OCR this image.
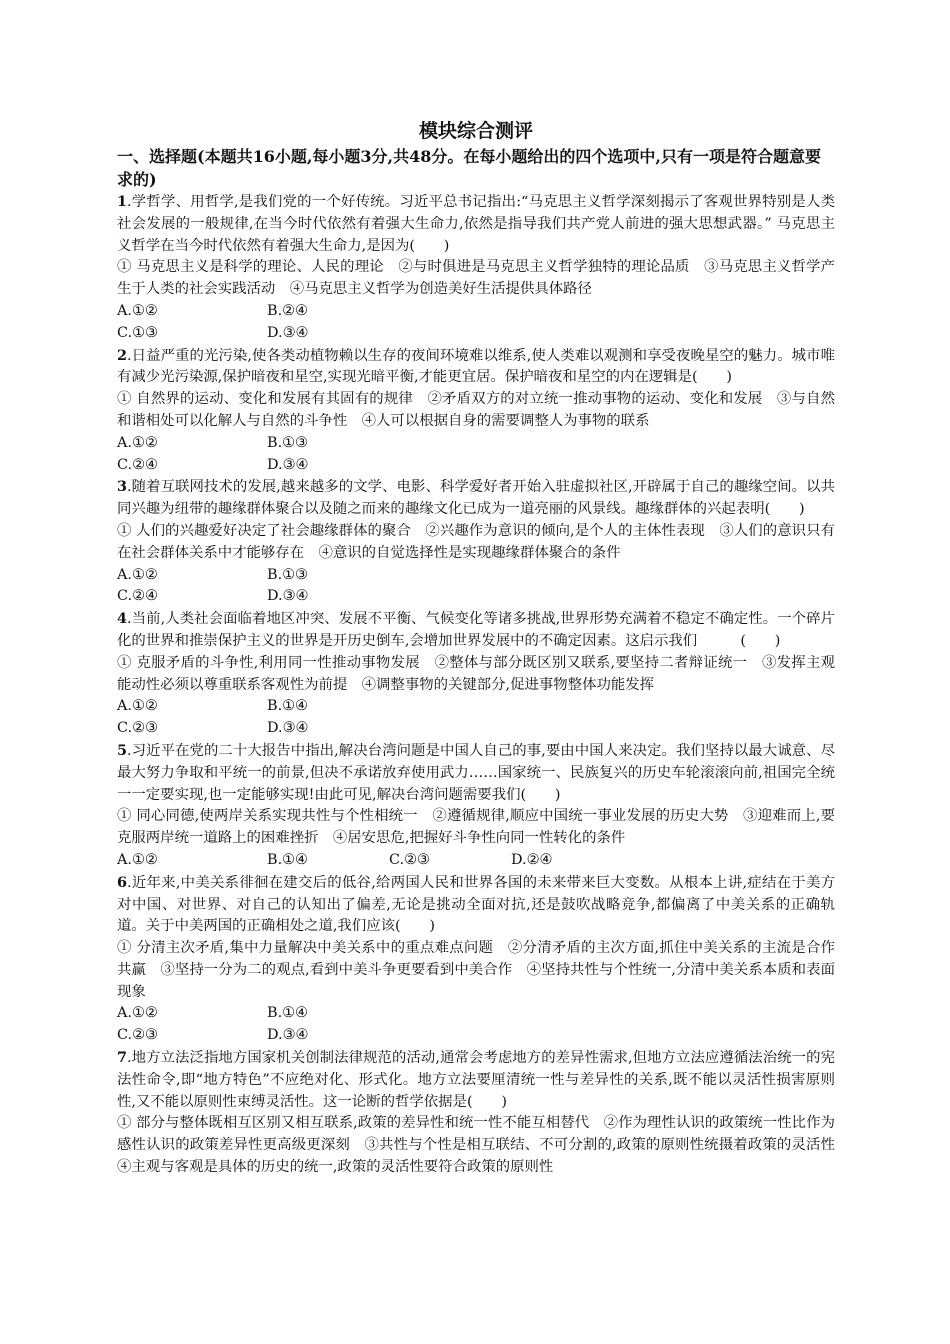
模块综合测评
一、选择题(本题共16小题,每小题3分,共48分。在每小题给出的四个选项中,只有一项是符合题意要求的)

1.学哲学、用哲学,是我们党的一个好传统。习近平总书记指出:“马克思主义哲学深刻揭示了客观世界特别是人类社会发展的一般规律,在当今时代依然有着强大生命力,依然是指导我们共产党人前进的强大思想武器。” 马克思主义哲学在当今时代依然有着强大生命力,是因为(　　)

① 马克思主义是科学的理论、人民的理论　②与时俱进是马克思主义哲学独特的理论品质　③马克思主义哲学产生于人类的社会实践活动　④马克思主义哲学为创造美好生活提供具体路径

A.①②	B.②④
C.①③	D.③④

2.日益严重的光污染,使各类动植物赖以生存的夜间环境难以维系,使人类难以观测和享受夜晚星空的魅力。城市唯有减少光污染源,保护暗夜和星空,实现光暗平衡,才能更宜居。保护暗夜和星空的内在逻辑是(　　)

① 自然界的运动、变化和发展有其固有的规律　②矛盾双方的对立统一推动事物的运动、变化和发展　③与自然和谐相处可以化解人与自然的斗争性　④人可以根据自身的需要调整人为事物的联系

A.①②	B.①③
C.②④	D.③④

3.随着互联网技术的发展,越来越多的文学、电影、科学爱好者开始入驻虚拟社区,开辟属于自己的趣缘空间。以共同兴趣为纽带的趣缘群体聚合以及随之而来的趣缘文化已成为一道亮丽的风景线。趣缘群体的兴起表明(　　)

① 人们的兴趣爱好决定了社会趣缘群体的聚合　②兴趣作为意识的倾向,是个人的主体性表现　③人们的意识只有在社会群体关系中才能够存在　④意识的自觉选择性是实现趣缘群体聚合的条件

A.①②	B.①③
C.②④	D.③④

4.当前,人类社会面临着地区冲突、发展不平衡、气候变化等诸多挑战,世界形势充满着不稳定不确定性。一个碎片化的世界和推崇保护主义的世界是开历史倒车,会增加世界发展中的不确定因素。这启示我们　　　(　　)

① 克服矛盾的斗争性,利用同一性推动事物发展　②整体与部分既区别又联系,要坚持二者辩证统一　③发挥主观能动性必须以尊重联系客观性为前提　④调整事物的关键部分,促进事物整体功能发挥

A.①②	B.①④
C.②③	D.③④

5.习近平在党的二十大报告中指出,解决台湾问题是中国人自己的事,要由中国人来决定。我们坚持以最大诚意、尽最大努力争取和平统一的前景,但决不承诺放弃使用武力……国家统一、民族复兴的历史车轮滚滚向前,祖国完全统一一定要实现,也一定能够实现!由此可见,解决台湾问题需要我们(　　)

① 同心同德,使两岸关系实现共性与个性相统一　②遵循规律,顺应中国统一事业发展的历史大势　③迎难而上,要克服两岸统一道路上的困难挫折　④居安思危,把握好斗争性向同一性转化的条件

A.①②	B.①④	C.②③	D.②④

6.近年来,中美关系徘徊在建交后的低谷,给两国人民和世界各国的未来带来巨大变数。从根本上讲,症结在于美方对中国、对世界、对自己的认知出了偏差,无论是挑动全面对抗,还是鼓吹战略竞争,都偏离了中美关系的正确轨道。关于中美两国的正确相处之道,我们应该(　　)

① 分清主次矛盾,集中力量解决中美关系中的重点难点问题　②分清矛盾的主次方面,抓住中美关系的主流是合作共赢　③坚持一分为二的观点,看到中美斗争更要看到中美合作　④坚持共性与个性统一,分清中美关系本质和表面现象

A.①②	B.①④
C.②③	D.③④

7.地方立法泛指地方国家机关创制法律规范的活动,通常会考虑地方的差异性需求,但地方立法应遵循法治统一的宪法性命令,即“地方特色”不应绝对化、形式化。地方立法要厘清统一性与差异性的关系,既不能以灵活性损害原则性,又不能以原则性束缚灵活性。这一论断的哲学依据是(　　)

① 部分与整体既相互区别又相互联系,政策的差异性和统一性不能互相替代　②作为理性认识的政策统一性比作为感性认识的政策差异性更高级更深刻　③共性与个性是相互联结、不可分割的,政策的原则性统摄着政策的灵活性　④主观与客观是具体的历史的统一,政策的灵活性要符合政策的原则性
